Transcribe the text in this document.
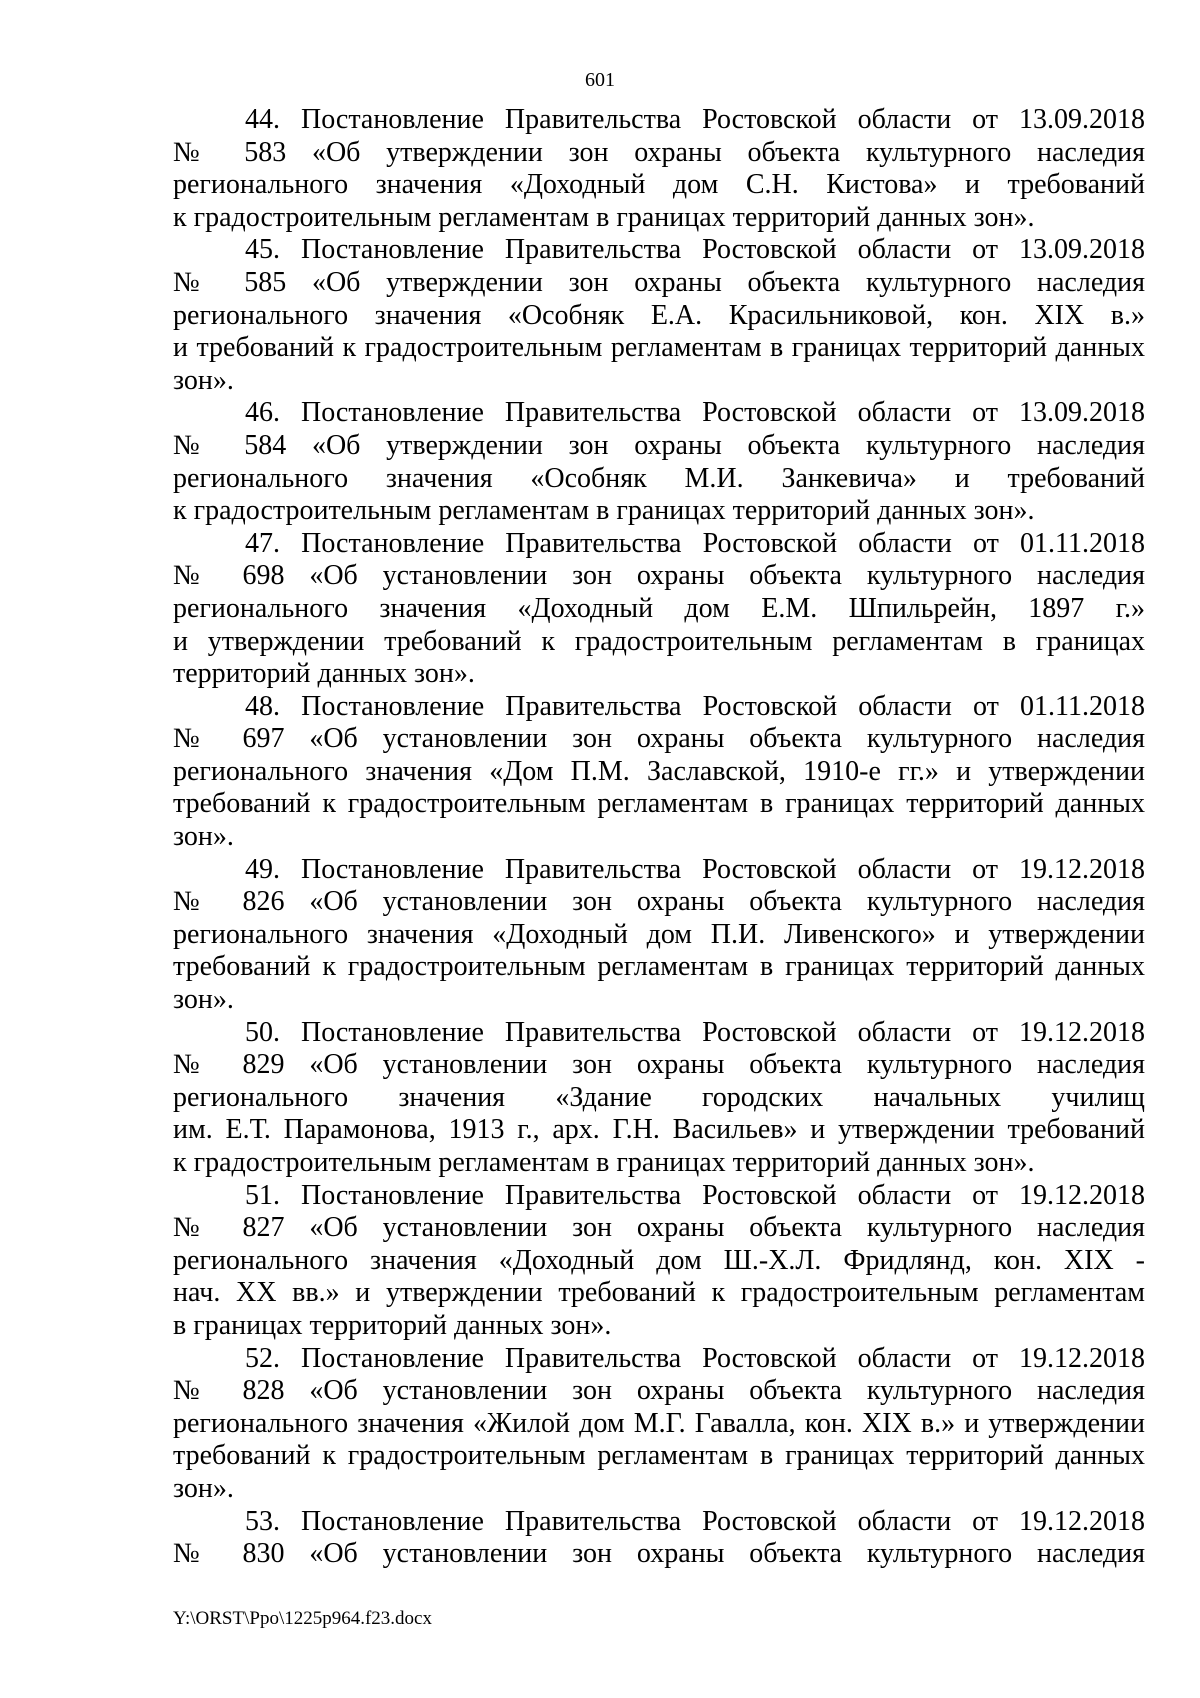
601
44. Постановление Правительства Ростовской области от 13.09.2018
№ 583 «Об утверждении зон охраны объекта культурного наследия
регионального значения «Доходный дом С.Н. Кистова» и требований
к градостроительным регламентам в границах территорий данных зон».
45. Постановление Правительства Ростовской области от 13.09.2018
№ 585 «Об утверждении зон охраны объекта культурного наследия
регионального значения «Особняк Е.А. Красильниковой, кон. XIX в.»
и требований к градостроительным регламентам в границах территорий данных
зон».
46. Постановление Правительства Ростовской области от 13.09.2018
№ 584 «Об утверждении зон охраны объекта культурного наследия
регионального значения «Особняк М.И. Занкевича» и требований
к градостроительным регламентам в границах территорий данных зон».
47. Постановление Правительства Ростовской области от 01.11.2018
№ 698 «Об установлении зон охраны объекта культурного наследия
регионального значения «Доходный дом Е.М. Шпильрейн, 1897 г.»
и утверждении требований к градостроительным регламентам в границах
территорий данных зон».
48. Постановление Правительства Ростовской области от 01.11.2018
№ 697 «Об установлении зон охраны объекта культурного наследия
регионального значения «Дом П.М. Заславской, 1910-е гг.» и утверждении
требований к градостроительным регламентам в границах территорий данных
зон».
49. Постановление Правительства Ростовской области от 19.12.2018
№ 826 «Об установлении зон охраны объекта культурного наследия
регионального значения «Доходный дом П.И. Ливенского» и утверждении
требований к градостроительным регламентам в границах территорий данных
зон».
50. Постановление Правительства Ростовской области от 19.12.2018
№ 829 «Об установлении зон охраны объекта культурного наследия
регионального значения «Здание городских начальных училищ
им. Е.Т. Парамонова, 1913 г., арх. Г.Н. Васильев» и утверждении требований
к градостроительным регламентам в границах территорий данных зон».
51. Постановление Правительства Ростовской области от 19.12.2018
№ 827 «Об установлении зон охраны объекта культурного наследия
регионального значения «Доходный дом Ш.-Х.Л. Фридлянд, кон. XIX -
нач. XX вв.» и утверждении требований к градостроительным регламентам
в границах территорий данных зон».
52. Постановление Правительства Ростовской области от 19.12.2018
№ 828 «Об установлении зон охраны объекта культурного наследия
регионального значения «Жилой дом М.Г. Гавалла, кон. XIX в.» и утверждении
требований к градостроительным регламентам в границах территорий данных
зон».
53. Постановление Правительства Ростовской области от 19.12.2018
№ 830 «Об установлении зон охраны объекта культурного наследия
Y:\ORST\Ppo\1225p964.f23.docx
